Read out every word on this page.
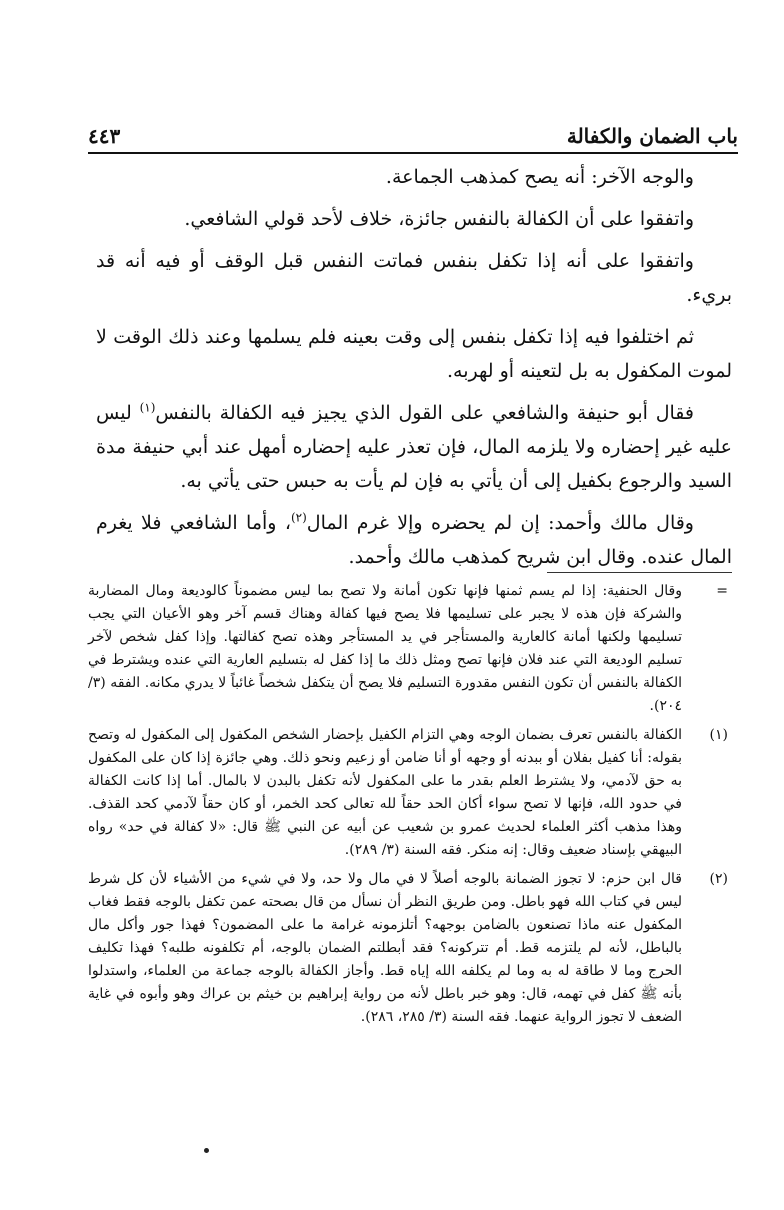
باب الضمان والكفالة
٤٤٣

والوجه الآخر: أنه يصح كمذهب الجماعة.

واتفقوا على أن الكفالة بالنفس جائزة، خلاف لأحد قولي الشافعي.

واتفقوا على أنه إذا تكفل بنفس فماتت النفس قبل الوقف أو فيه أنه قد بريء.

ثم اختلفوا فيه إذا تكفل بنفس إلى وقت بعينه فلم يسلمها وعند ذلك الوقت لا لموت المكفول به بل لتعينه أو لهربه.

فقال أبو حنيفة والشافعي على القول الذي يجيز فيه الكفالة بالنفس$^{(١)}$ ليس عليه غير إحضاره ولا يلزمه المال، فإن تعذر عليه إحضاره أمهل عند أبي حنيفة مدة السيد والرجوع بكفيل إلى أن يأتي به فإن لم يأت به حبس حتى يأتي به.

وقال مالك وأحمد: إن لم يحضره وإلا غرم المال$^{(٢)}$، وأما الشافعي فلا يغرم المال عنده. وقال ابن شريح كمذهب مالك وأحمد.

=
وقال الحنفية: إذا لم يسم ثمنها فإنها تكون أمانة ولا تصح بما ليس مضموناً كالوديعة ومال المضاربة والشركة فإن هذه لا يجبر على تسليمها فلا يصح فيها كفالة وهناك قسم آخر وهو الأعيان التي يجب تسليمها ولكنها أمانة كالعارية والمستأجر في يد المستأجر وهذه تصح كفالتها. وإذا كفل شخص لآخر تسليم الوديعة التي عند فلان فإنها تصح ومثل ذلك ما إذا كفل له بتسليم العارية التي عنده ويشترط في الكفالة بالنفس أن تكون النفس مقدورة التسليم فلا يصح أن يتكفل شخصاً غائباً لا يدري مكانه. الفقه (٣/ ٢٠٤).
(١)
الكفالة بالنفس تعرف بضمان الوجه وهي التزام الكفيل بإحضار الشخص المكفول إلى المكفول له وتصح بقوله: أنا كفيل بفلان أو ببدنه أو وجهه أو أنا ضامن أو زعيم ونحو ذلك. وهي جائزة إذا كان على المكفول به حق لآدمي، ولا يشترط العلم بقدر ما على المكفول لأنه تكفل بالبدن لا بالمال. أما إذا كانت الكفالة في حدود الله، فإنها لا تصح سواء أكان الحد حقاً لله تعالى كحد الخمر، أو كان حقاً لآدمي كحد القذف. وهذا مذهب أكثر العلماء لحديث عمرو بن شعيب عن أبيه عن النبي ﷺ قال: «لا كفالة في حد» رواه البيهقي بإسناد ضعيف وقال: إنه منكر. فقه السنة (٣/ ٢٨٩).
(٢)
قال ابن حزم: لا تجوز الضمانة بالوجه أصلاً لا في مال ولا حد، ولا في شيء من الأشياء لأن كل شرط ليس في كتاب الله فهو باطل. ومن طريق النظر أن نسأل من قال بصحته عمن تكفل بالوجه فقط فغاب المكفول عنه ماذا تصنعون بالضامن بوجهه؟ أتلزمونه غرامة ما على المضمون؟ فهذا جور وأكل مال بالباطل، لأنه لم يلتزمه قط. أم تتركونه؟ فقد أبطلتم الضمان بالوجه، أم تكلفونه طلبه؟ فهذا تكليف الحرج وما لا طاقة له به وما لم يكلفه الله إياه قط. وأجاز الكفالة بالوجه جماعة من العلماء، واستدلوا بأنه ﷺ كفل في تهمه، قال: وهو خبر باطل لأنه من رواية إبراهيم بن خيثم بن عراك وهو وأبوه في غاية الضعف لا تجوز الرواية عنهما. فقه السنة (٣/ ٢٨٥، ٢٨٦).
